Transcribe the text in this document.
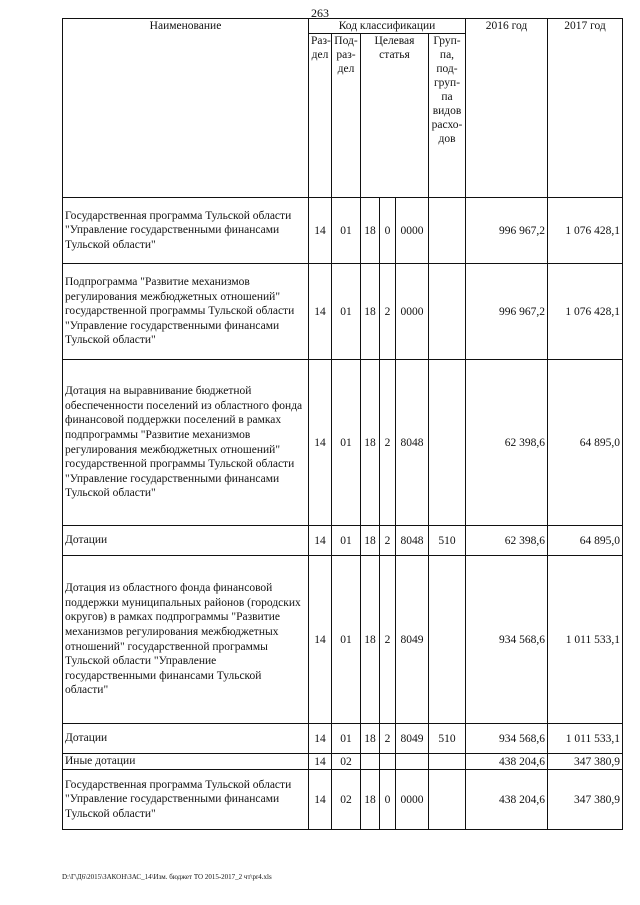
263
Наименование	Код классификации						2016 год	2017 год
	Раз-дел	Под-раз-дел	Целевая статья			Груп-па, под-груп-па видов расхо-дов		
Государственная программа Тульской области "Управление государственными финансами Тульской области"	14	01	18	0	0000		996 967,2	1 076 428,1
Подпрограмма "Развитие механизмов регулирования межбюджетных отношений" государственной программы Тульской области "Управление государственными финансами Тульской области"	14	01	18	2	0000		996 967,2	1 076 428,1
Дотация на выравнивание бюджетной обеспеченности поселений из областного фонда финансовой поддержки поселений в рамках подпрограммы "Развитие механизмов регулирования межбюджетных отношений" государственной программы Тульской области "Управление государственными финансами Тульской области"	14	01	18	2	8048		62 398,6	64 895,0
Дотации	14	01	18	2	8048	510	62 398,6	64 895,0
Дотация из областного фонда финансовой поддержки муниципальных районов (городских округов) в рамках подпрограммы "Развитие механизмов регулирования межбюджетных отношений" государственной программы Тульской области "Управление государственными финансами Тульской области"	14	01	18	2	8049		934 568,6	1 011 533,1
Дотации	14	01	18	2	8049	510	934 568,6	1 011 533,1
Иные дотации	14	02					438 204,6	347 380,9
Государственная программа Тульской области "Управление государственными финансами Тульской области"	14	02	18	0	0000		438 204,6	347 380,9
D:\Г\Д6\2015\ЗАКОН\ЗАС_14\Изм. бюджет ТО 2015-2017_2 чт\pr4.xls
